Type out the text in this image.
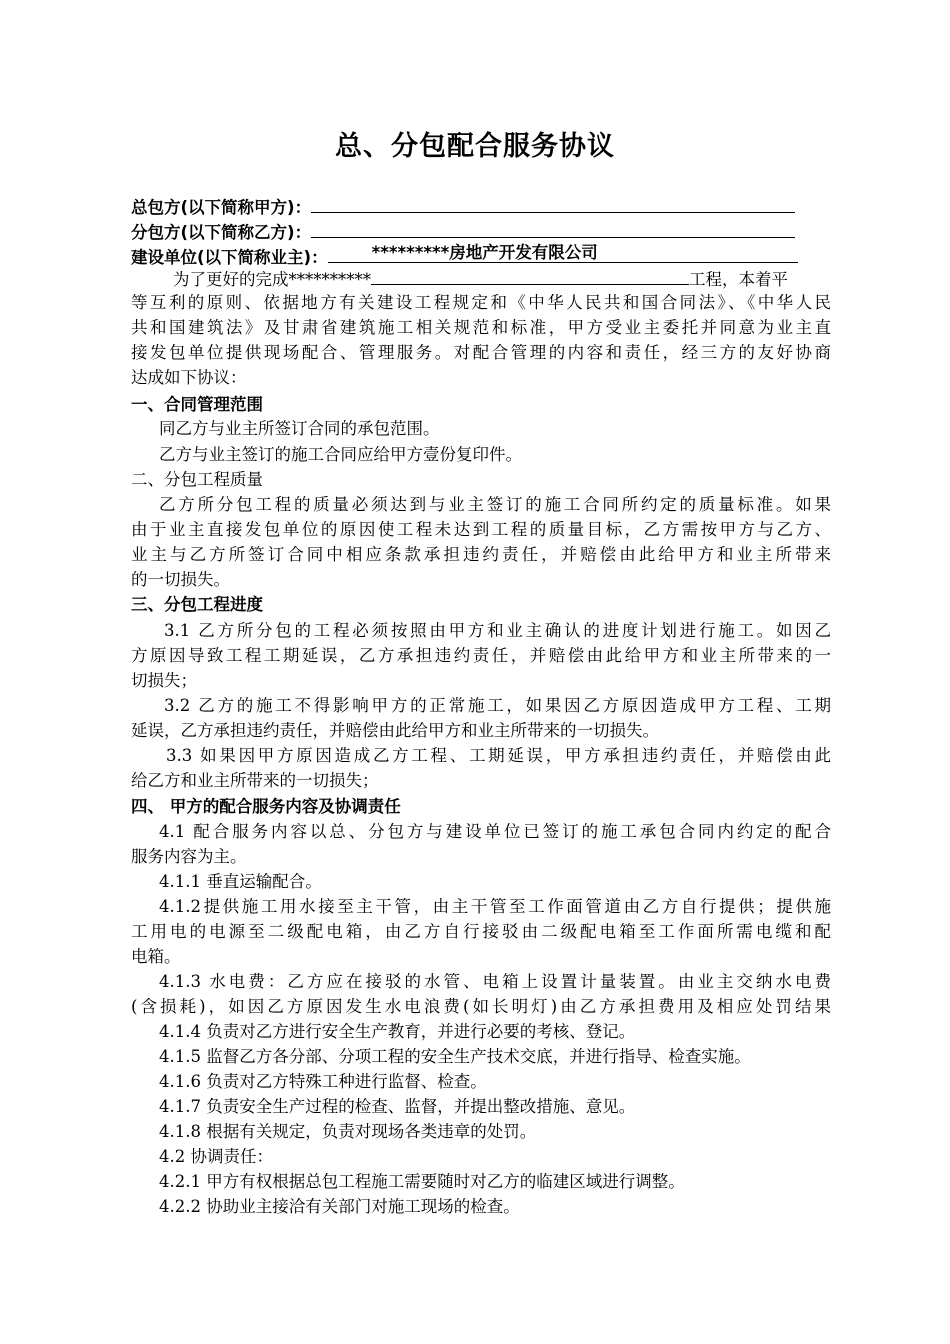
总、分包配合服务协议
总包方(以下简称甲方)：
分包方(以下简称乙方)：
建设单位(以下简称业主)：	*********房地产开发有限公司
为了更好的完成**********	工程，本着平
等互利的原则、依据地方有关建设工程规定和《中华人民共和国合同法》、《中华人民
共和国建筑法》及甘肃省建筑施工相关规范和标准，甲方受业主委托并同意为业主直
接发包单位提供现场配合、管理服务。对配合管理的内容和责任，经三方的友好协商
达成如下协议：
一、合同管理范围
同乙方与业主所签订合同的承包范围。
乙方与业主签订的施工合同应给甲方壹份复印件。
二、分包工程质量
乙方所分包工程的质量必须达到与业主签订的施工合同所约定的质量标准。如果
由于业主直接发包单位的原因使工程未达到工程的质量目标，乙方需按甲方与乙方、
业主与乙方所签订合同中相应条款承担违约责任，并赔偿由此给甲方和业主所带来
的一切损失。
三、分包工程进度
3.1 乙方所分包的工程必须按照由甲方和业主确认的进度计划进行施工。如因乙
方原因导致工程工期延误，乙方承担违约责任，并赔偿由此给甲方和业主所带来的一
切损失；
3.2 乙方的施工不得影响甲方的正常施工，如果因乙方原因造成甲方工程、工期
延误，乙方承担违约责任，并赔偿由此给甲方和业主所带来的一切损失。
3.3 如果因甲方原因造成乙方工程、工期延误，甲方承担违约责任，并赔偿由此
给乙方和业主所带来的一切损失；
四、 甲方的配合服务内容及协调责任
4.1 配合服务内容以总、分包方与建设单位已签订的施工承包合同内约定的配合
服务内容为主。
4.1.1 垂直运输配合。
4.1.2提供施工用水接至主干管，由主干管至工作面管道由乙方自行提供；提供施
工用电的电源至二级配电箱，由乙方自行接驳由二级配电箱至工作面所需电缆和配
电箱。
4.1.3 水电费：乙方应在接驳的水管、电箱上设置计量装置。由业主交纳水电费
(含损耗)，如因乙方原因发生水电浪费(如长明灯)由乙方承担费用及相应处罚结果
4.1.4 负责对乙方进行安全生产教育，并进行必要的考核、登记。
4.1.5 监督乙方各分部、分项工程的安全生产技术交底，并进行指导、检查实施。
4.1.6 负责对乙方特殊工种进行监督、检查。
4.1.7 负责安全生产过程的检查、监督，并提出整改措施、意见。
4.1.8 根据有关规定，负责对现场各类违章的处罚。
4.2 协调责任：
4.2.1 甲方有权根据总包工程施工需要随时对乙方的临建区域进行调整。
4.2.2 协助业主接洽有关部门对施工现场的检查。
